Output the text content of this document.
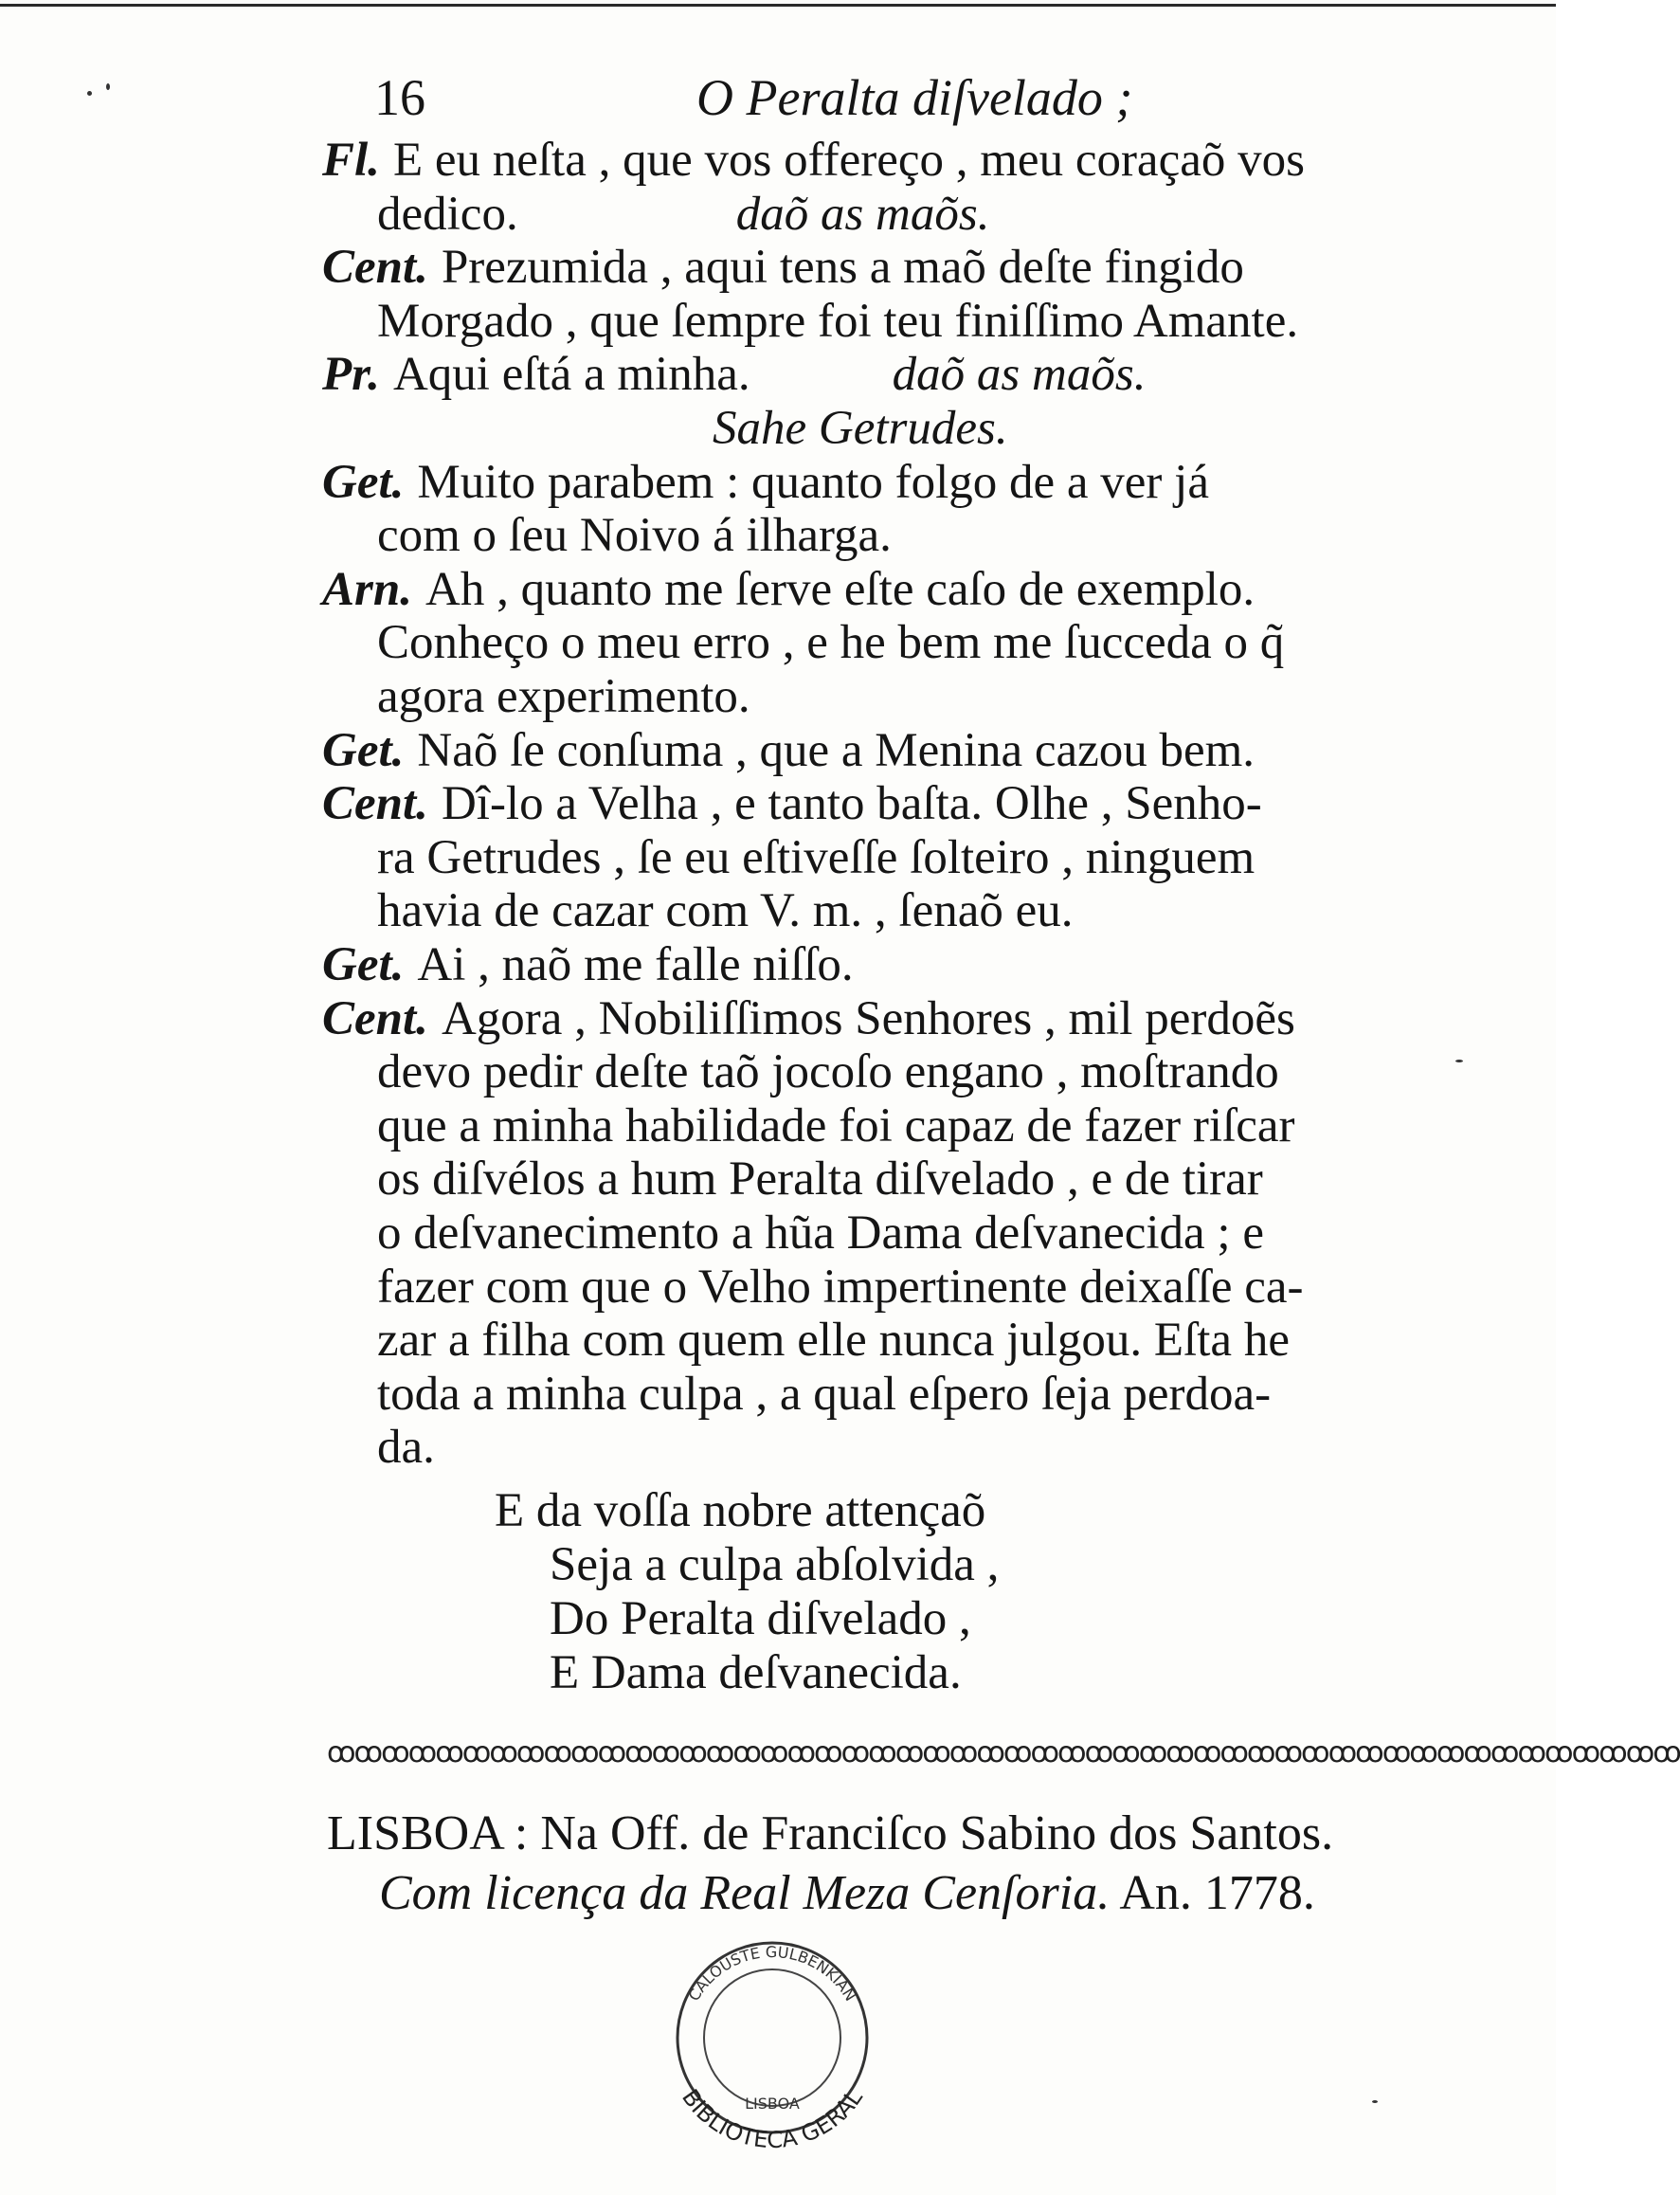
16	O Peralta diſvelado ;
Fl. E eu neſta , que vos offereço , meu coraçaõ vos
dedico.	daõ as maõs.
Cent. Prezumida , aqui tens a maõ deſte fingido
Morgado , que ſempre foi teu finiſſimo Amante.
Pr. Aqui eſtá a minha.	daõ as maõs.
Sahe Getrudes.
Get. Muito parabem : quanto folgo de a ver já
com o ſeu Noivo á ilharga.
Arn. Ah , quanto me ſerve eſte caſo de exemplo.
Conheço o meu erro , e he bem me ſucceda o q̃
agora experimento.
Get. Naõ ſe conſuma , que a Menina cazou bem.
Cent. Dî-lo a Velha , e tanto baſta. Olhe , Senho-
ra Getrudes , ſe eu eſtiveſſe ſolteiro , ninguem
havia de cazar com V. m. , ſenaõ eu.
Get. Ai , naõ me falle niſſo.
Cent. Agora , Nobiliſſimos Senhores , mil perdoẽs
devo pedir deſte taõ jocoſo engano , moſtrando
que a minha habilidade foi capaz de fazer riſcar
os diſvélos a hum Peralta diſvelado , e de tirar
o deſvanecimento a hũa Dama deſvanecida ; e
fazer com que o Velho impertinente deixaſſe ca-
zar a filha com quem elle nunca julgou. Eſta he
toda a minha culpa , a qual eſpero ſeja perdoa-
da.
E da voſſa nobre attençaõ
Seja a culpa abſolvida ,
Do Peralta diſvelado ,
E Dama deſvanecida.
ꝏꝏꝏꝏꝏꝏꝏꝏꝏꝏꝏꝏꝏꝏꝏꝏꝏꝏꝏꝏꝏꝏꝏꝏꝏꝏꝏꝏꝏꝏꝏꝏꝏꝏꝏꝏꝏꝏꝏꝏꝏꝏꝏꝏꝏꝏꝏꝏꝏꝏ
LISBOA : Na Off. de Franciſco Sabino dos Santos.
Com licença da Real Meza Cenſoria. An. 1778.
CALOUSTE GULBENKIAN
LISBOA
BIBLIOTECA GERAL
